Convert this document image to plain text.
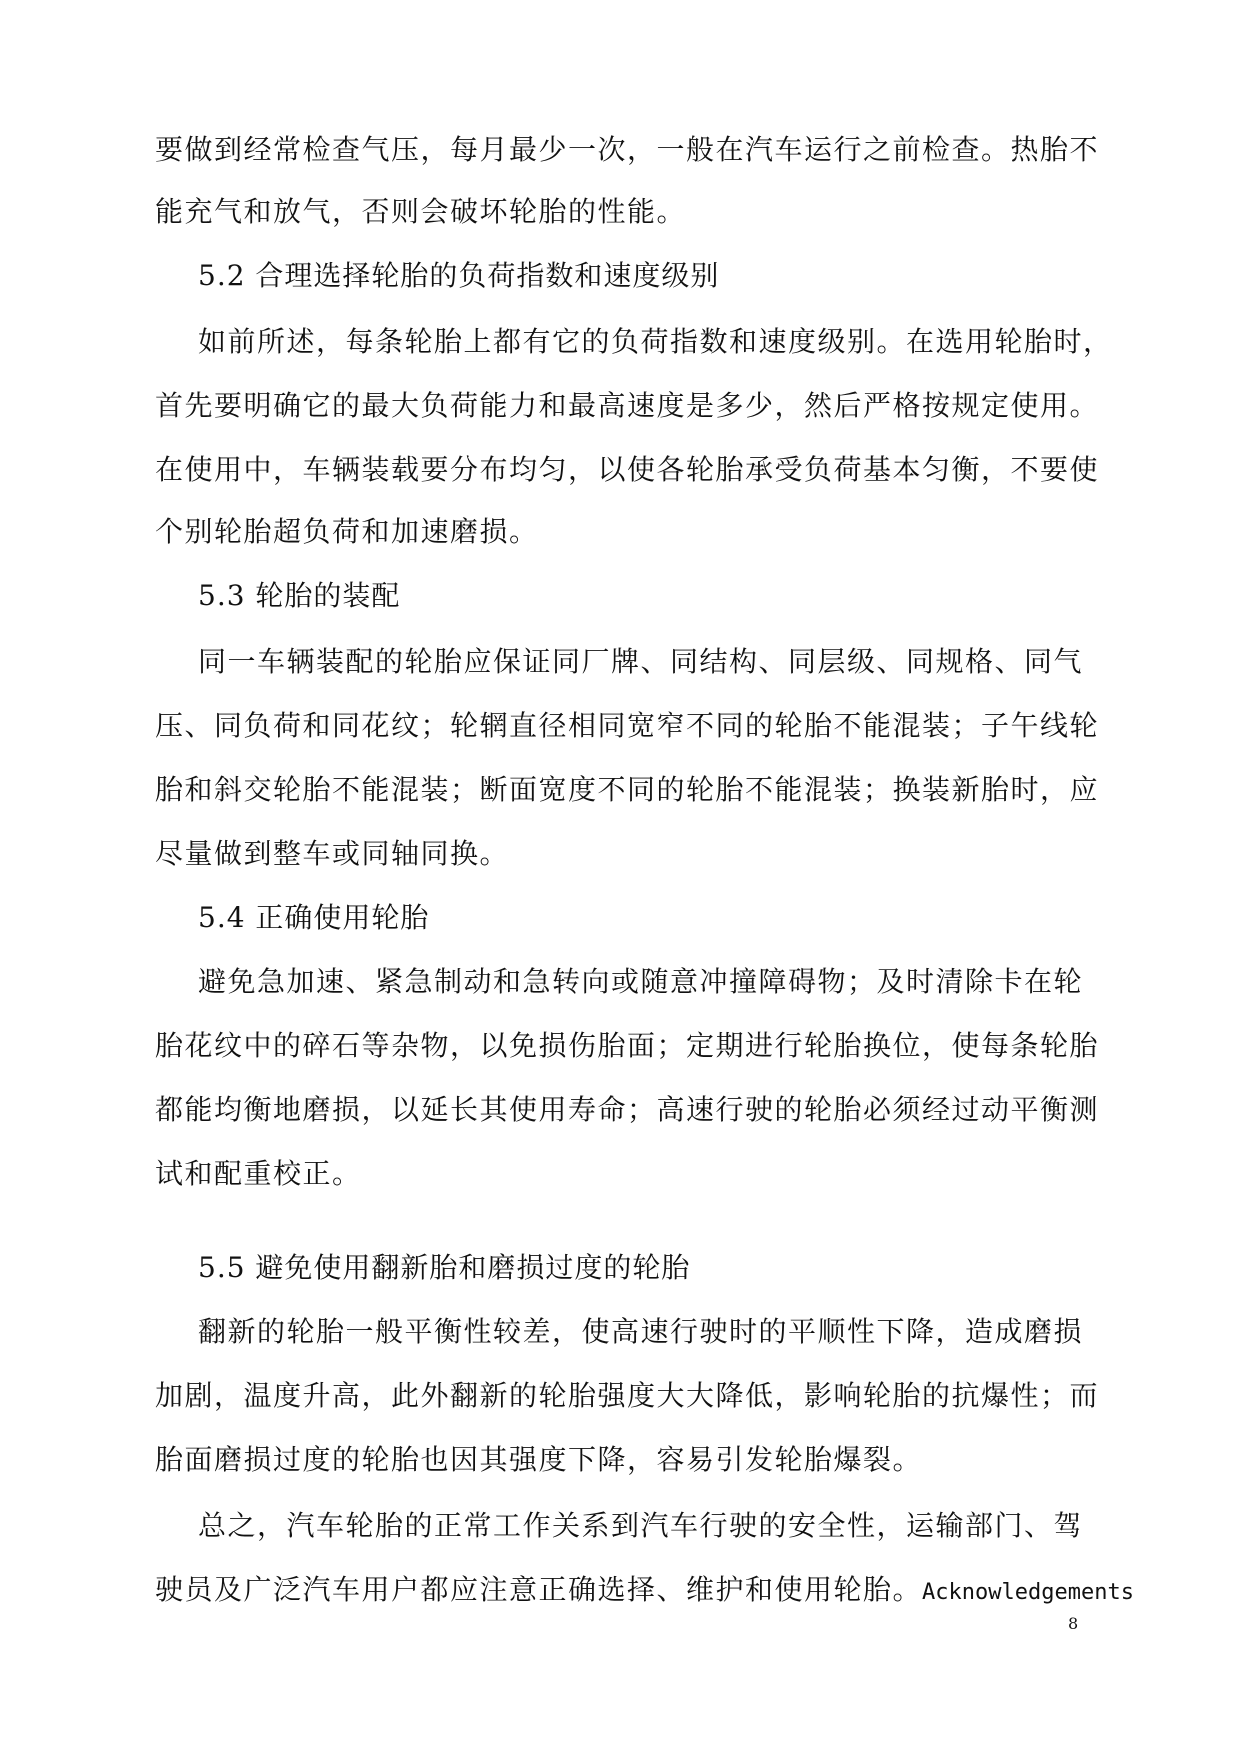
要做到经常检查气压，每月最少一次，一般在汽车运行之前检查。热胎不
能充气和放气，否则会破坏轮胎的性能。
5.2 合理选择轮胎的负荷指数和速度级别
如前所述，每条轮胎上都有它的负荷指数和速度级别。在选用轮胎时，
首先要明确它的最大负荷能力和最高速度是多少，然后严格按规定使用。
在使用中，车辆装载要分布均匀，以使各轮胎承受负荷基本匀衡，不要使
个别轮胎超负荷和加速磨损。
5.3 轮胎的装配
同一车辆装配的轮胎应保证同厂牌、同结构、同层级、同规格、同气
压、同负荷和同花纹；轮辋直径相同宽窄不同的轮胎不能混装；子午线轮
胎和斜交轮胎不能混装；断面宽度不同的轮胎不能混装；换装新胎时，应
尽量做到整车或同轴同换。
5.4 正确使用轮胎
避免急加速、紧急制动和急转向或随意冲撞障碍物；及时清除卡在轮
胎花纹中的碎石等杂物，以免损伤胎面；定期进行轮胎换位，使每条轮胎
都能均衡地磨损，以延长其使用寿命；高速行驶的轮胎必须经过动平衡测
试和配重校正。
5.5 避免使用翻新胎和磨损过度的轮胎
翻新的轮胎一般平衡性较差，使高速行驶时的平顺性下降，造成磨损
加剧，温度升高，此外翻新的轮胎强度大大降低，影响轮胎的抗爆性；而
胎面磨损过度的轮胎也因其强度下降，容易引发轮胎爆裂。
总之，汽车轮胎的正常工作关系到汽车行驶的安全性，运输部门、驾
驶员及广泛汽车用户都应注意正确选择、维护和使用轮胎。Acknowledgements
8
